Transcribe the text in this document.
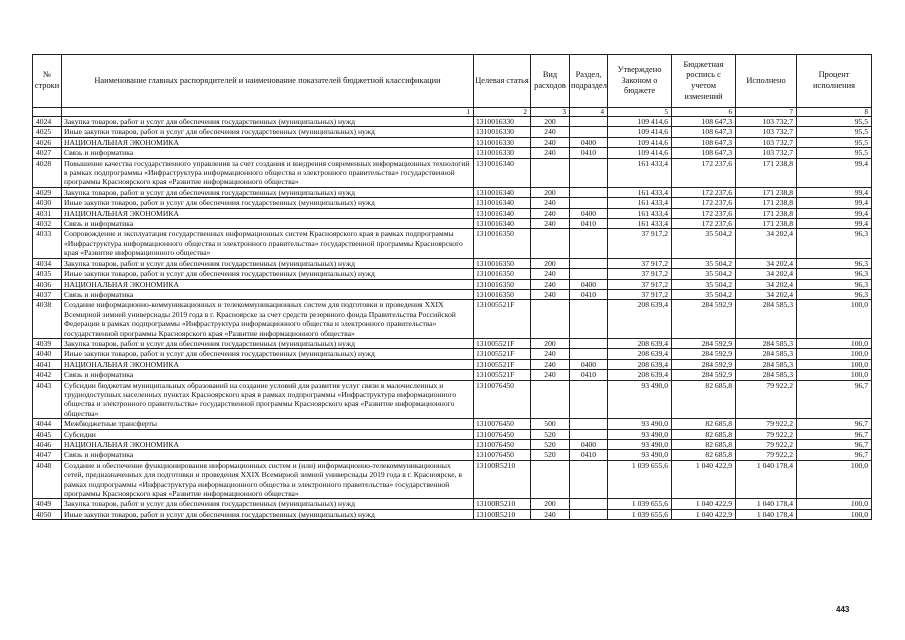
№ строки	Наименование главных распорядителей и наименование показателей бюджетной классификации	Целевая статья	Вид расходов	Раздел, подраздел	Утверждено Законом о бюджете	Бюджетная роспись с учетом изменений	Исполнено	Процент исполнения
	1	2	3	4	5	6	7	8
4024	Закупка товаров, работ и услуг для обеспечения государственных (муниципальных) нужд	1310016330	200		109 414,6	108 647,3	103 732,7	95,5
4025	Иные закупки товаров, работ и услуг для обеспечения государственных (муниципальных) нужд	1310016330	240		109 414,6	108 647,3	103 732,7	95,5
4026	НАЦИОНАЛЬНАЯ ЭКОНОМИКА	1310016330	240	0400	109 414,6	108 647,3	103 732,7	95,5
4027	Связь и информатика	1310016330	240	0410	109 414,6	108 647,3	103 732,7	95,5
4028	Повышение качества государственного управления за счет создания и внедрения современных информационных технологий в рамках подпрограммы «Инфраструктура информационного общества и электронного правительства» государственной программы Красноярского края «Развитие информационного общества»	1310016340			161 433,4	172 237,6	171 238,8	99,4
4029	Закупка товаров, работ и услуг для обеспечения государственных (муниципальных) нужд	1310016340	200		161 433,4	172 237,6	171 238,8	99,4
4030	Иные закупки товаров, работ и услуг для обеспечения государственных (муниципальных) нужд	1310016340	240		161 433,4	172 237,6	171 238,8	99,4
4031	НАЦИОНАЛЬНАЯ ЭКОНОМИКА	1310016340	240	0400	161 433,4	172 237,6	171 238,8	99,4
4032	Связь и информатика	1310016340	240	0410	161 433,4	172 237,6	171 238,8	99,4
4033	Сопровождение и эксплуатация государственных информационных систем Красноярского края в рамках подпрограммы «Инфраструктура информационного общества и электронного правительства» государственной программы Красноярского края «Развитие информационного общества»	1310016350			37 917,2	35 504,2	34 202,4	96,3
4034	Закупка товаров, работ и услуг для обеспечения государственных (муниципальных) нужд	1310016350	200		37 917,2	35 504,2	34 202,4	96,3
4035	Иные закупки товаров, работ и услуг для обеспечения государственных (муниципальных) нужд	1310016350	240		37 917,2	35 504,2	34 202,4	96,3
4036	НАЦИОНАЛЬНАЯ ЭКОНОМИКА	1310016350	240	0400	37 917,2	35 504,2	34 202,4	96,3
4037	Связь и информатика	1310016350	240	0410	37 917,2	35 504,2	34 202,4	96,3
4038	Создание информационно-коммуникационных и телекоммуникационных систем для подготовки и проведения XXIX Всемирной зимней универсиады 2019 года в г. Красноярске за счет средств резервного фонда Правительства Российской Федерации в рамках подпрограммы «Инфраструктура информационного общества и электронного правительства» государственной программы Красноярского края «Развитие информационного общества»	131005521F			208 639,4	284 592,9	284 585,3	100,0
4039	Закупка товаров, работ и услуг для обеспечения государственных (муниципальных) нужд	131005521F	200		208 639,4	284 592,9	284 585,3	100,0
4040	Иные закупки товаров, работ и услуг для обеспечения государственных (муниципальных) нужд	131005521F	240		208 639,4	284 592,9	284 585,3	100,0
4041	НАЦИОНАЛЬНАЯ ЭКОНОМИКА	131005521F	240	0400	208 639,4	284 592,9	284 585,3	100,0
4042	Связь и информатика	131005521F	240	0410	208 639,4	284 592,9	284 585,3	100,0
4043	Субсидии бюджетам муниципальных образований на создание условий для развития услуг связи в малочисленных и труднодоступных населенных пунктах Красноярского края в рамках подпрограммы «Инфраструктура информационного общества и электронного правительства» государственной программы Красноярского края «Развитие информационного общества»	1310076450			93 490,0	82 685,8	79 922,2	96,7
4044	Межбюджетные трансферты	1310076450	500		93 490,0	82 685,8	79 922,2	96,7
4045	Субсидии	1310076450	520		93 490,0	82 685,8	79 922,2	96,7
4046	НАЦИОНАЛЬНАЯ ЭКОНОМИКА	1310076450	520	0400	93 490,0	82 685,8	79 922,2	96,7
4047	Связь и информатика	1310076450	520	0410	93 490,0	82 685,8	79 922,2	96,7
4048	Создание и обеспечение функционирования информационных систем и (или) информационно-телекоммуникационных сетей, предназначенных для подготовки и проведения XXIX Всемирной зимней универсиады 2019 года в г. Красноярске, в рамках подпрограммы «Инфраструктура информационного общества и электронного правительства» государственной программы Красноярского края «Развитие информационного общества»	13100R5210			1 039 655,6	1 040 422,9	1 040 178,4	100,0
4049	Закупка товаров, работ и услуг для обеспечения государственных (муниципальных) нужд	13100R5210	200		1 039 655,6	1 040 422,9	1 040 178,4	100,0
4050	Иные закупки товаров, работ и услуг для обеспечения государственных (муниципальных) нужд	13100R5210	240		1 039 655,6	1 040 422,9	1 040 178,4	100,0
443
